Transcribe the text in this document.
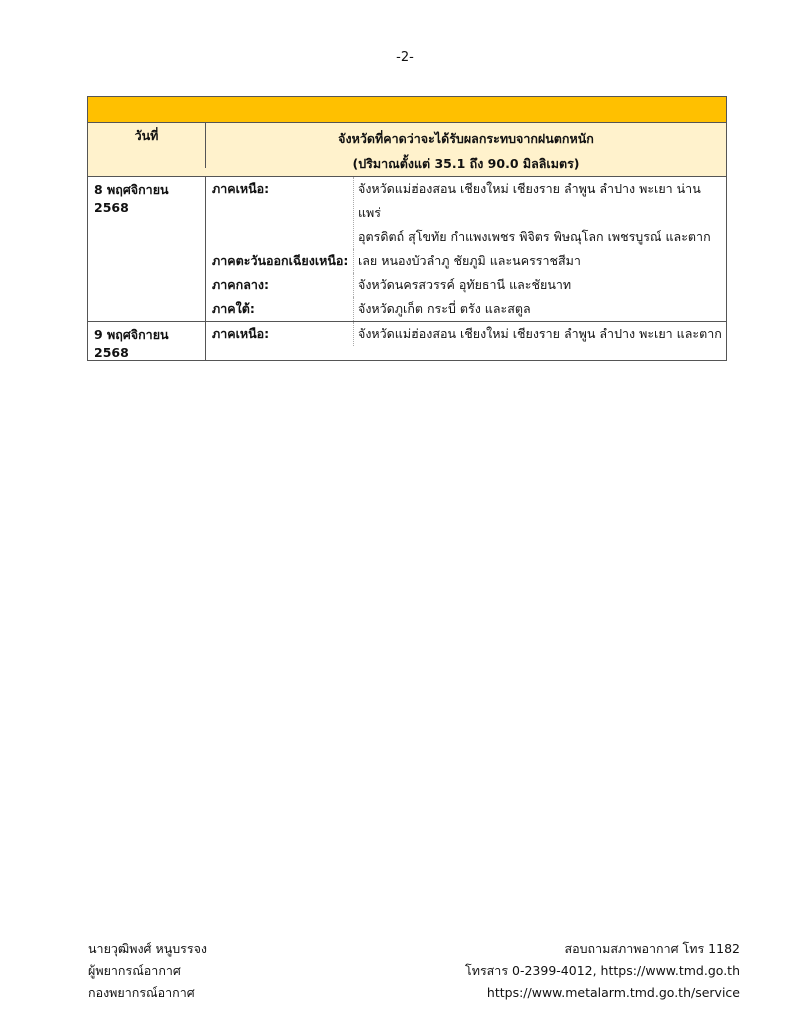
-2-
วันที่	จังหวัดที่คาดว่าจะได้รับผลกระทบจากฝนตกหนัก
(ปริมาณตั้งแต่ 35.1 ถึง 90.0 มิลลิเมตร)
8 พฤศจิกายน 2568
ภาคเหนือ:	จังหวัดแม่ฮ่องสอน เชียงใหม่ เชียงราย ลำพูน ลำปาง พะเยา น่าน แพร่
อุตรดิตถ์ สุโขทัย กำแพงเพชร พิจิตร พิษณุโลก เพชรบูรณ์ และตาก
ภาคตะวันออกเฉียงเหนือ: เลย หนองบัวลำภู ชัยภูมิ และนครราชสีมา
ภาคกลาง:	จังหวัดนครสวรรค์ อุทัยธานี และชัยนาท
ภาคใต้:	จังหวัดภูเก็ต กระบี่ ตรัง และสตูล
9 พฤศจิกายน 2568
ภาคเหนือ:	จังหวัดแม่ฮ่องสอน เชียงใหม่ เชียงราย ลำพูน ลำปาง พะเยา และตาก
นายวุฒิพงศ์ หนูบรรจง
ผู้พยากรณ์อากาศ
กองพยากรณ์อากาศ
สอบถามสภาพอากาศ โทร 1182
โทรสาร 0-2399-4012, https://www.tmd.go.th
https://www.metalarm.tmd.go.th/service
